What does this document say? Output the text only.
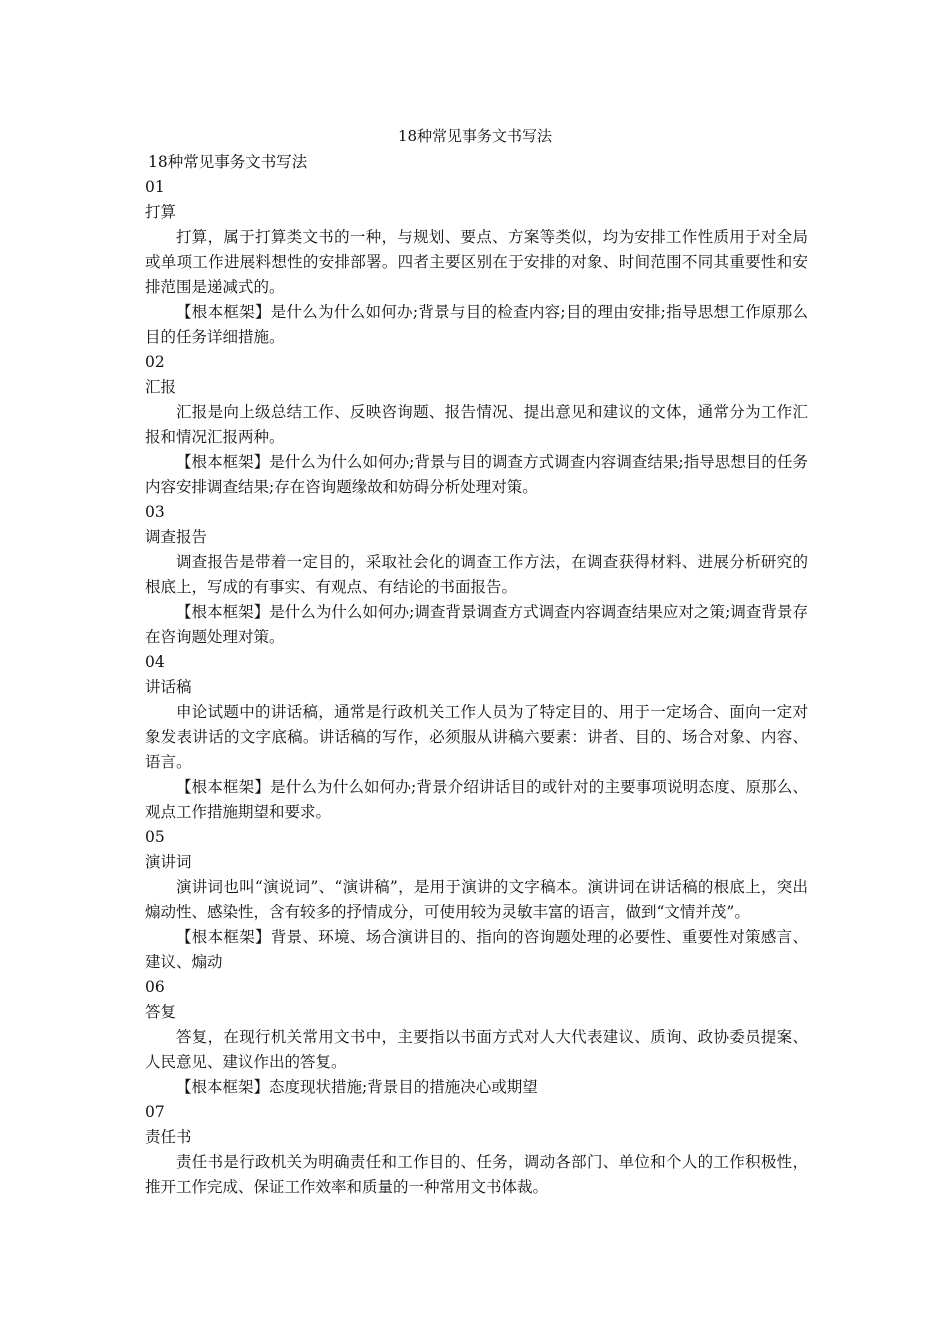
18种常见事务文书写法

18种常见事务文书写法

01

打算

打算，属于打算类文书的一种，与规划、要点、方案等类似，均为安排工作性质用于对全局或单项工作进展料想性的安排部署。四者主要区别在于安排的对象、时间范围不同其重要性和安排范围是递减式的。

【根本框架】是什么为什么如何办;背景与目的检查内容;目的理由安排;指导思想工作原那么目的任务详细措施。

02

汇报

汇报是向上级总结工作、反映咨询题、报告情况、提出意见和建议的文体，通常分为工作汇报和情况汇报两种。

【根本框架】是什么为什么如何办;背景与目的调查方式调查内容调查结果;指导思想目的任务内容安排调查结果;存在咨询题缘故和妨碍分析处理对策。

03

调查报告

调查报告是带着一定目的，采取社会化的调查工作方法，在调查获得材料、进展分析研究的根底上，写成的有事实、有观点、有结论的书面报告。

【根本框架】是什么为什么如何办;调查背景调查方式调查内容调查结果应对之策;调查背景存在咨询题处理对策。

04

讲话稿

申论试题中的讲话稿，通常是行政机关工作人员为了特定目的、用于一定场合、面向一定对象发表讲话的文字底稿。讲话稿的写作，必须服从讲稿六要素：讲者、目的、场合对象、内容、语言。

【根本框架】是什么为什么如何办;背景介绍讲话目的或针对的主要事项说明态度、原那么、观点工作措施期望和要求。

05

演讲词

演讲词也叫“演说词”、“演讲稿”，是用于演讲的文字稿本。演讲词在讲话稿的根底上，突出煽动性、感染性，含有较多的抒情成分，可使用较为灵敏丰富的语言，做到“文情并茂”。

【根本框架】背景、环境、场合演讲目的、指向的咨询题处理的必要性、重要性对策感言、建议、煽动

06

答复

答复，在现行机关常用文书中，主要指以书面方式对人大代表建议、质询、政协委员提案、人民意见、建议作出的答复。

【根本框架】态度现状措施;背景目的措施决心或期望

07

责任书

责任书是行政机关为明确责任和工作目的、任务，调动各部门、单位和个人的工作积极性，推开工作完成、保证工作效率和质量的一种常用文书体裁。
